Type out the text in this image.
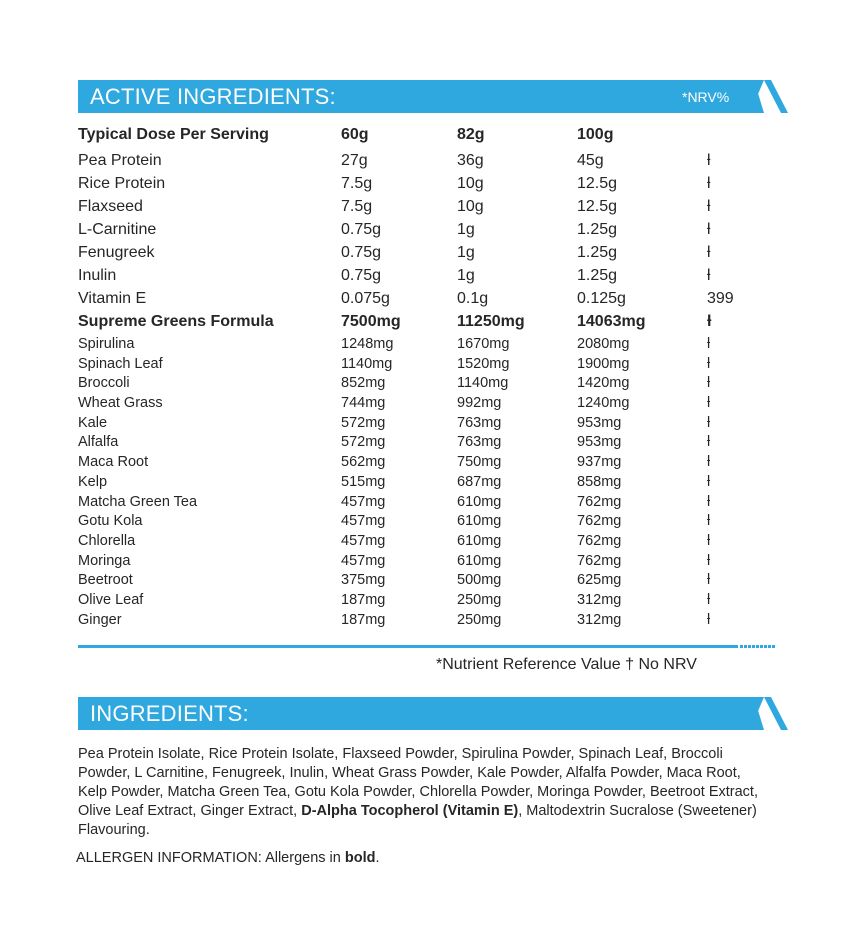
ACTIVE INGREDIENTS:	*NRV%
Typical Dose Per Serving	60g	82g	100g	
Pea Protein	27g	36g	45g	ƚ
Rice Protein	7.5g	10g	12.5g	ƚ
Flaxseed	7.5g	10g	12.5g	ƚ
L-Carnitine	0.75g	1g	1.25g	ƚ
Fenugreek	0.75g	1g	1.25g	ƚ
Inulin	0.75g	1g	1.25g	ƚ
Vitamin E	0.075g	0.1g	0.125g	399
Supreme Greens Formula	7500mg	11250mg	14063mg	ƚ
Spirulina	1248mg	1670mg	2080mg	ƚ
Spinach Leaf	1140mg	1520mg	1900mg	ƚ
Broccoli	852mg	1140mg	1420mg	ƚ
Wheat Grass	744mg	992mg	1240mg	ƚ
Kale	572mg	763mg	953mg	ƚ
Alfalfa	572mg	763mg	953mg	ƚ
Maca Root	562mg	750mg	937mg	ƚ
Kelp	515mg	687mg	858mg	ƚ
Matcha Green Tea	457mg	610mg	762mg	ƚ
Gotu Kola	457mg	610mg	762mg	ƚ
Chlorella	457mg	610mg	762mg	ƚ
Moringa	457mg	610mg	762mg	ƚ
Beetroot	375mg	500mg	625mg	ƚ
Olive Leaf	187mg	250mg	312mg	ƚ
Ginger	187mg	250mg	312mg	ƚ
*Nutrient Reference Value † No NRV
INGREDIENTS:
Pea Protein Isolate, Rice Protein Isolate, Flaxseed Powder, Spirulina Powder, Spinach Leaf, Broccoli Powder, L Carnitine, Fenugreek, Inulin, Wheat Grass Powder, Kale Powder, Alfalfa Powder, Maca Root, Kelp Powder, Matcha Green Tea, Gotu Kola Powder, Chlorella Powder, Moringa Powder, Beetroot Extract, Olive Leaf Extract, Ginger Extract, D-Alpha Tocopherol (Vitamin E), Maltodextrin Sucralose (Sweetener) Flavouring.
ALLERGEN INFORMATION: Allergens in bold.
